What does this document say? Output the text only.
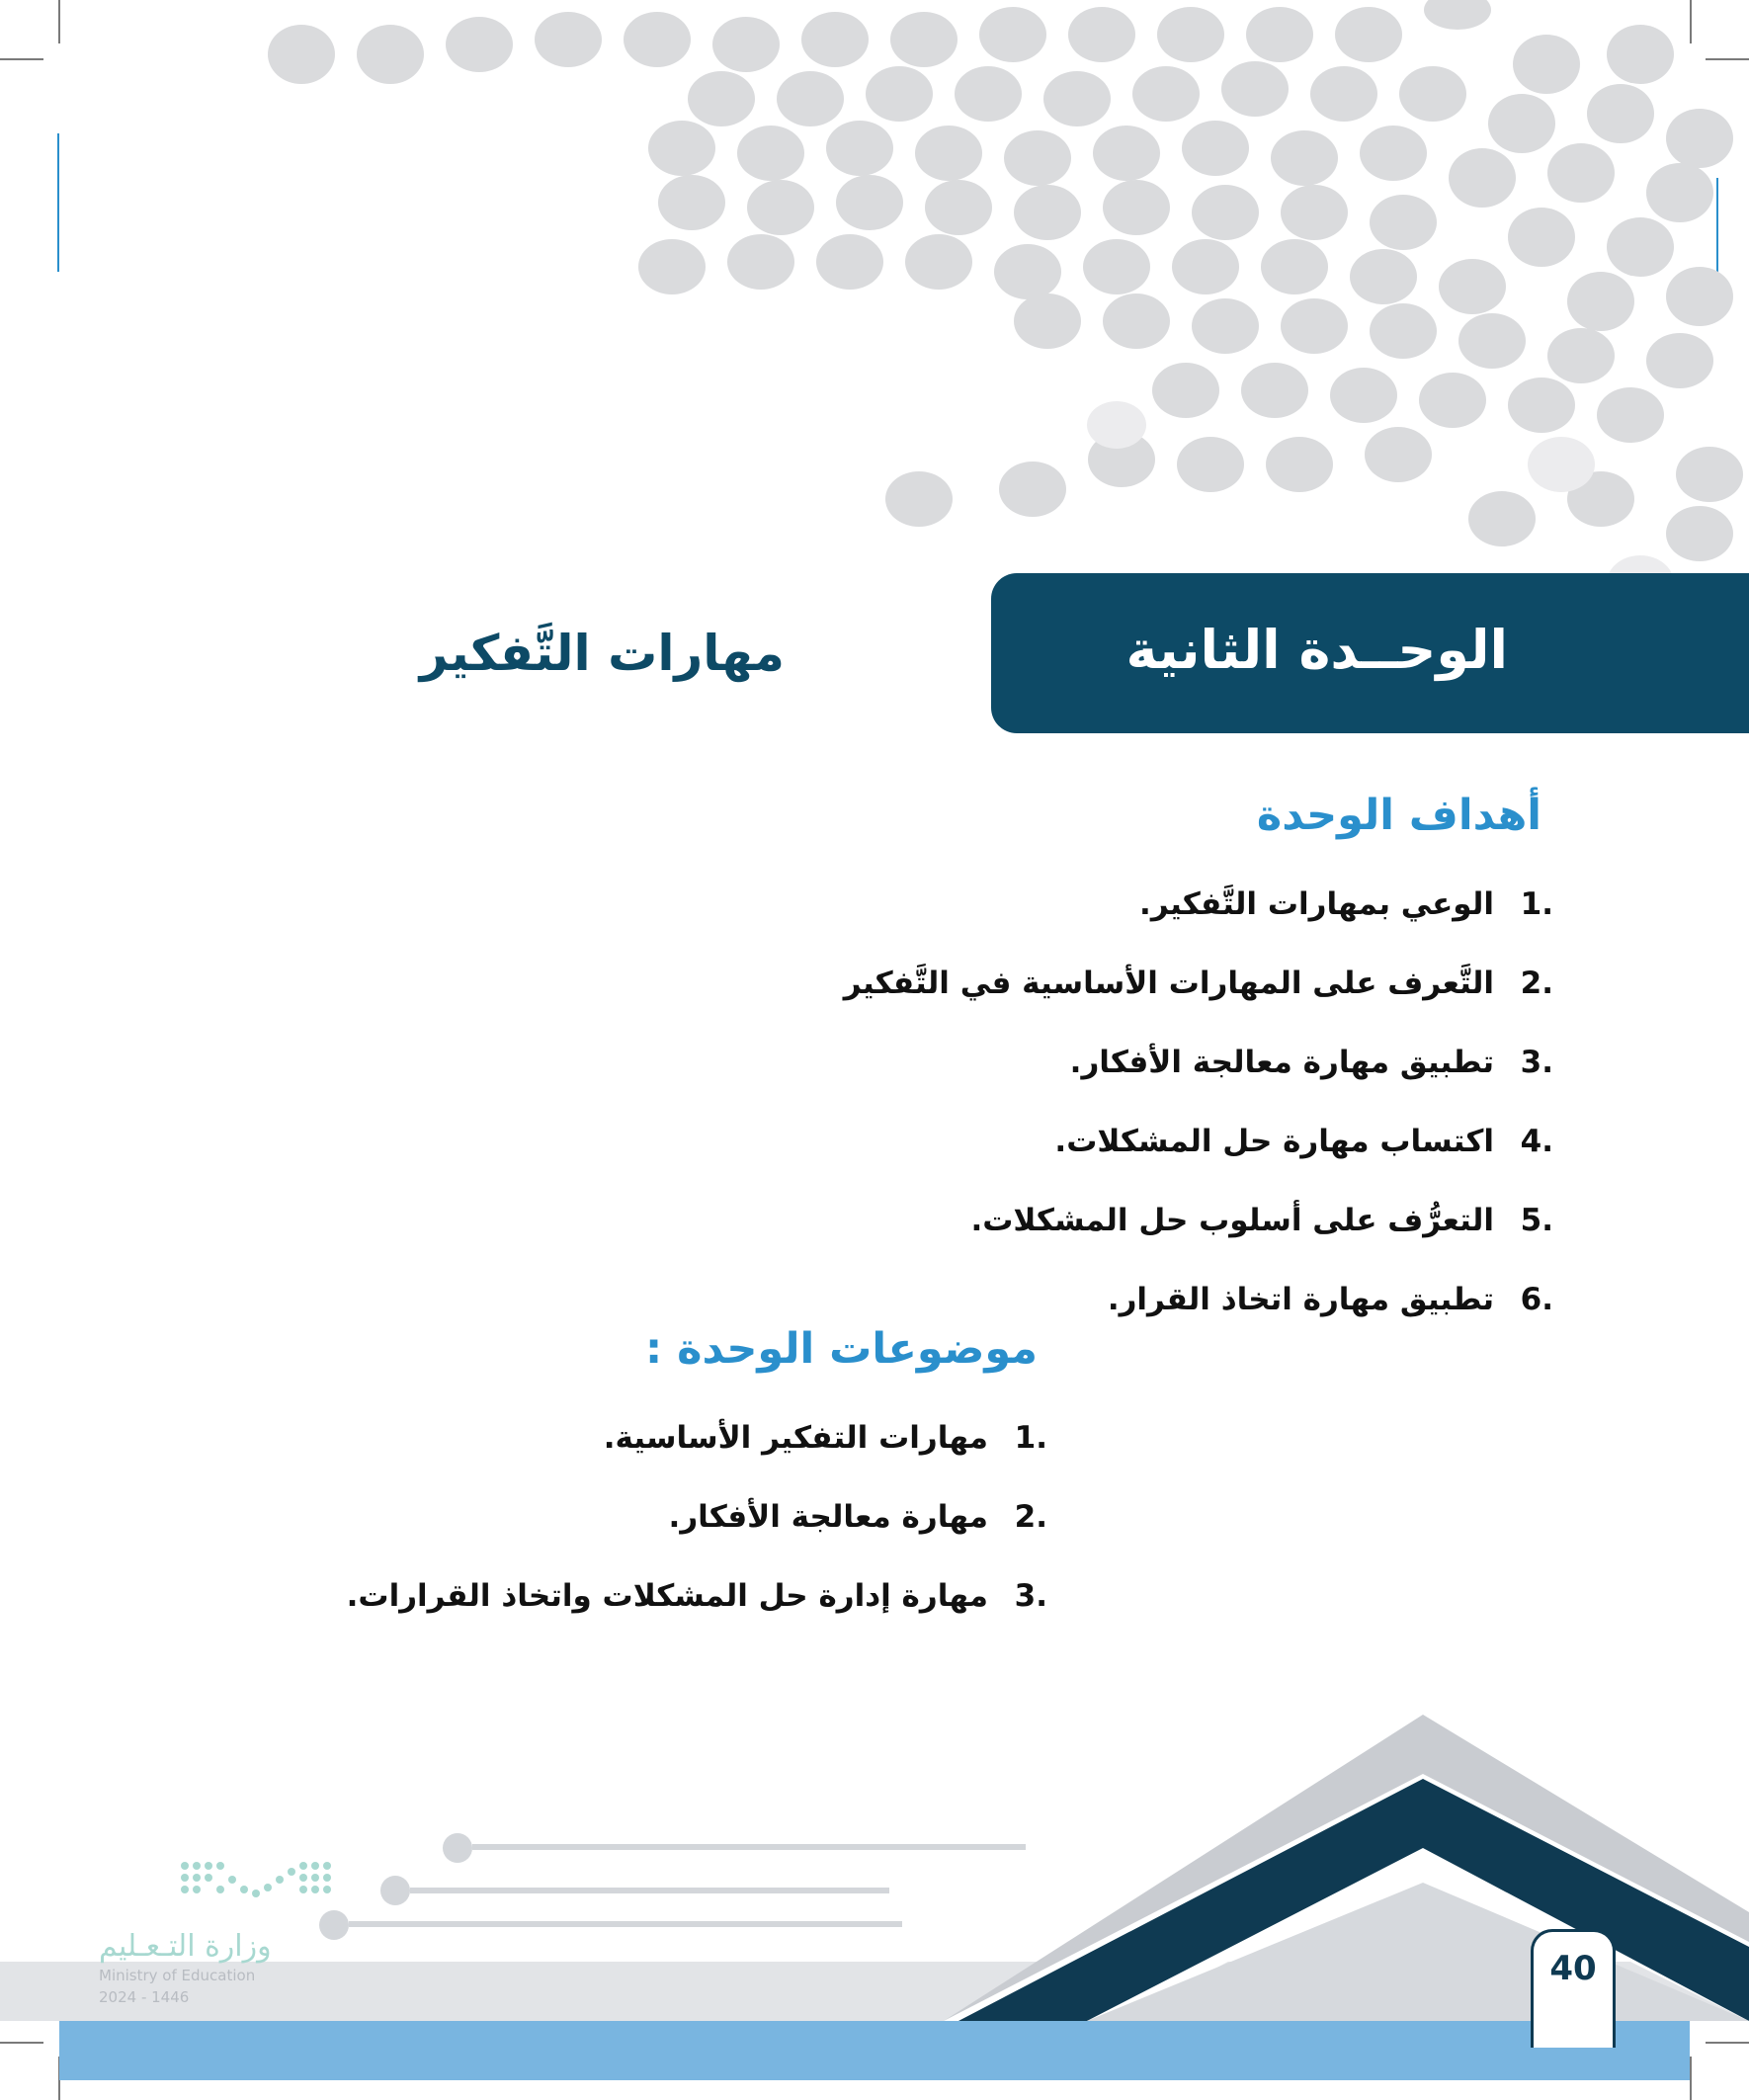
الوحــدة الثانية
مهارات التَّفكير
أهداف الوحدة
.1
الوعي بمهارات التَّفكير.
.2
التَّعرف على المهارات الأساسية في التَّفكير
.3
تطبيق مهارة معالجة الأفكار.
.4
اكتساب مهارة حل المشكلات.
.5
التعرُّف على أسلوب حل المشكلات.
.6
تطبيق مهارة اتخاذ القرار.
موضوعات الوحدة :
.1
مهارات التفكير الأساسية.
.2
مهارة معالجة الأفكار.
.3
مهارة إدارة حل المشكلات واتخاذ القرارات.
40
وزارة التـعـليم
Ministry of Education
2024 - 1446
